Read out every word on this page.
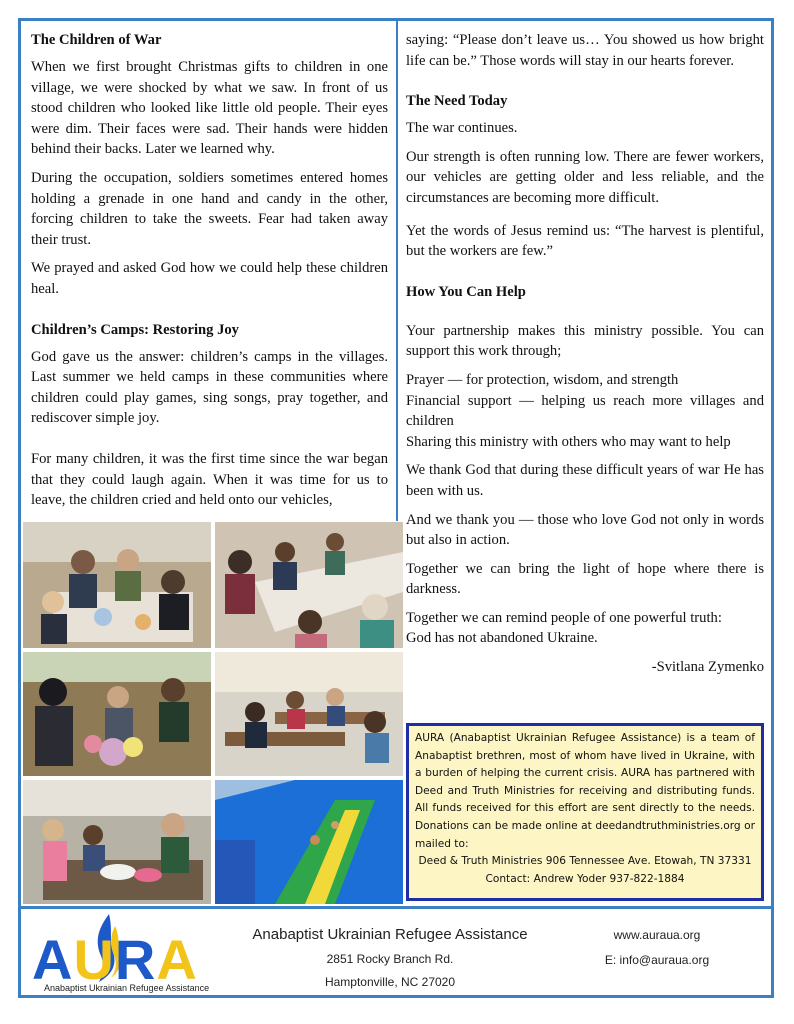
The Children of War

When we first brought Christmas gifts to children in one village, we were shocked by what we saw. In front of us stood children who looked like little old people. Their eyes were dim. Their faces were sad. Their hands were hidden behind their backs. Later we learned why.

During the occupation, soldiers sometimes entered homes holding a grenade in one hand and candy in the other, forcing children to take the sweets. Fear had taken away their trust.

We prayed and asked God how we could help these children heal.

Children’s Camps: Restoring Joy

God gave us the answer: children’s camps in the villages. Last summer we held camps in these communities where children could play games, sing songs, pray together, and rediscover simple joy.

For many children, it was the first time since the war began that they could laugh again. When it was time for us to leave, the children cried and held onto our vehicles,

saying: “Please don’t leave us… You showed us how bright life can be.” Those words will stay in our hearts forever.

The Need Today

The war continues.

Our strength is often running low. There are fewer workers, our vehicles are getting older and less reliable, and the circumstances are becoming more difficult.

Yet the words of Jesus remind us: “The harvest is plentiful, but the workers are few.”

How You Can Help

Your partnership makes this ministry possible. You can support this work through;

Prayer — for protection, wisdom, and strength

Financial support — helping us reach more villages and children

Sharing this ministry with others who may want to help

We thank God that during these difficult years of war He has been with us.

And we thank you — those who love God not only in words but also in action.

Together we can bring the light of hope where there is darkness.

Together we can remind people of one powerful truth:

God has not abandoned Ukraine.

-Svitlana Zymenko

AURA (Anabaptist Ukrainian Refugee Assistance) is a team of Anabaptist brethren, most of whom have lived in Ukraine, with a burden of helping the current crisis. AURA has partnered with Deed and Truth Ministries for receiving and distributing funds. All funds received for this effort are sent directly to the needs. Donations can be made online at deedandtruthministries.org or mailed to:
Deed & Truth Ministries 906 Tennessee Ave. Etowah, TN 37331
Contact: Andrew Yoder 937-822-1884
AURA
Anabaptist Ukrainian Refugee Assistance
Anabaptist Ukrainian Refugee Assistance
2851 Rocky Branch Rd.
Hamptonville, NC 27020
www.auraua.org
E: info@auraua.org
